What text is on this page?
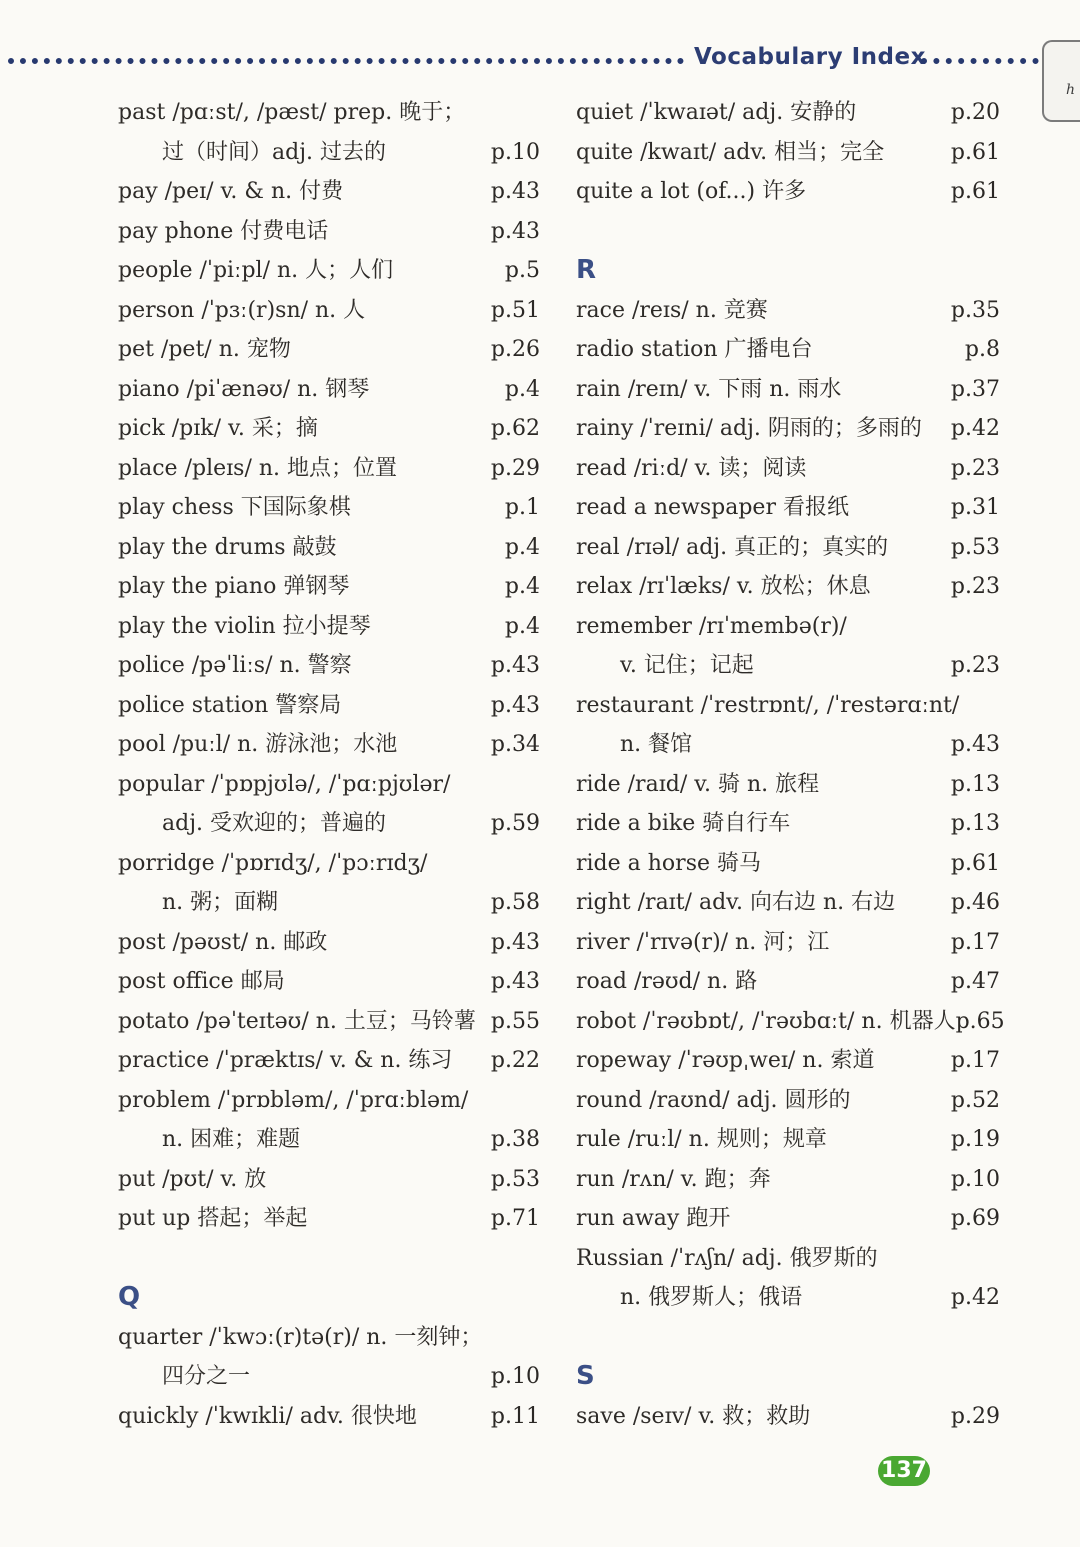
Vocabulary Index
h
past /pɑːst/, /pæst/ prep. 晚于；
过（时间）adj. 过去的	p.10
pay /peɪ/ v. & n. 付费	p.43
pay phone 付费电话	p.43
people /ˈpiːpl/ n. 人；人们	p.5
person /ˈpɜː(r)sn/ n. 人	p.51
pet /pet/ n. 宠物	p.26
piano /piˈænəʊ/ n. 钢琴	p.4
pick /pɪk/ v. 采；摘	p.62
place /pleɪs/ n. 地点；位置	p.29
play chess 下国际象棋	p.1
play the drums 敲鼓	p.4
play the piano 弹钢琴	p.4
play the violin 拉小提琴	p.4
police /pəˈliːs/ n. 警察	p.43
police station 警察局	p.43
pool /puːl/ n. 游泳池；水池	p.34
popular /ˈpɒpjʊlə/, /ˈpɑːpjʊlər/
adj. 受欢迎的；普遍的	p.59
porridge /ˈpɒrɪdʒ/, /ˈpɔːrɪdʒ/
n. 粥；面糊	p.58
post /pəʊst/ n. 邮政	p.43
post office 邮局	p.43
potato /pəˈteɪtəʊ/ n. 土豆；马铃薯 p.55
practice /ˈpræktɪs/ v. & n. 练习 p.22
problem /ˈprɒbləm/, /ˈprɑːbləm/
n. 困难；难题	p.38
put /pʊt/ v. 放	p.53
put up 搭起；举起	p.71
Q
quarter /ˈkwɔː(r)tə(r)/ n. 一刻钟；
四分之一	p.10
quickly /ˈkwɪkli/ adv. 很快地	p.11
quiet /ˈkwaɪət/ adj. 安静的	p.20
quite /kwaɪt/ adv. 相当；完全	p.61
quite a lot (of...) 许多	p.61
R
race /reɪs/ n. 竞赛	p.35
radio station 广播电台	p.8
rain /reɪn/ v. 下雨 n. 雨水	p.37
rainy /ˈreɪni/ adj. 阴雨的；多雨的 p.42
read /riːd/ v. 读；阅读	p.23
read a newspaper 看报纸	p.31
real /rɪəl/ adj. 真正的；真实的	p.53
relax /rɪˈlæks/ v. 放松；休息	p.23
remember /rɪˈmembə(r)/
v. 记住；记起	p.23
restaurant /ˈrestrɒnt/, /ˈrestərɑːnt/
n. 餐馆	p.43
ride /raɪd/ v. 骑 n. 旅程	p.13
ride a bike 骑自行车	p.13
ride a horse 骑马	p.61
right /raɪt/ adv. 向右边 n. 右边	p.46
river /ˈrɪvə(r)/ n. 河；江	p.17
road /rəʊd/ n. 路	p.47
robot /ˈrəʊbɒt/, /ˈrəʊbɑːt/ n. 机器人 p.65
ropeway /ˈrəʊpˌweɪ/ n. 索道	p.17
round /raʊnd/ adj. 圆形的	p.52
rule /ruːl/ n. 规则；规章	p.19
run /rʌn/ v. 跑；奔	p.10
run away 跑开	p.69
Russian /ˈrʌʃn/ adj. 俄罗斯的
n. 俄罗斯人；俄语	p.42
S
save /seɪv/ v. 救；救助	p.29
137
